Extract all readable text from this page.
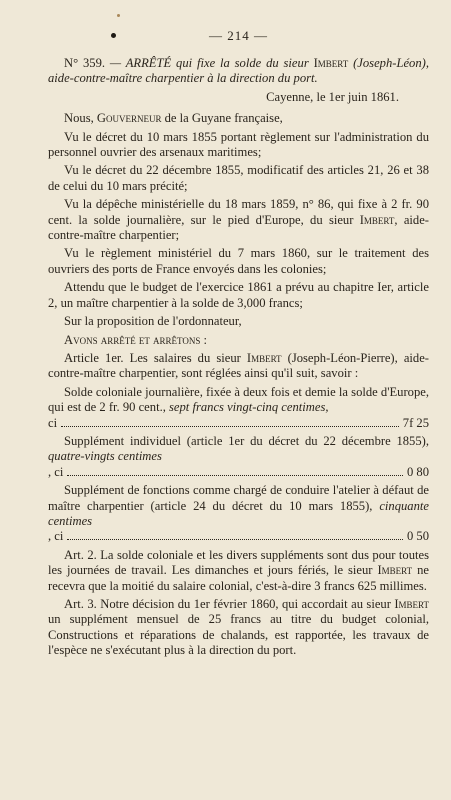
— 214 —

N° 359. — ARRÊTÉ qui fixe la solde du sieur Imbert (Joseph-Léon), aide-contre-maître charpentier à la direction du port.

Cayenne, le 1er juin 1861.

Nous, Gouverneur de la Guyane française,

Vu le décret du 10 mars 1855 portant règlement sur l'administration du personnel ouvrier des arsenaux maritimes;

Vu le décret du 22 décembre 1855, modificatif des articles 21, 26 et 38 de celui du 10 mars précité;

Vu la dépêche ministérielle du 18 mars 1859, n° 86, qui fixe à 2 fr. 90 cent. la solde journalière, sur le pied d'Europe, du sieur Imbert, aide-contre-maître charpentier;

Vu le règlement ministériel du 7 mars 1860, sur le traitement des ouvriers des ports de France envoyés dans les colonies;

Attendu que le budget de l'exercice 1861 a prévu au chapitre Ier, article 2, un maître charpentier à la solde de 3,000 francs;

Sur la proposition de l'ordonnateur,

Avons arrêté et arrêtons :

Article 1er. Les salaires du sieur Imbert (Joseph-Léon-Pierre), aide-contre-maître charpentier, sont réglées ainsi qu'il suit, savoir :

Solde coloniale journalière, fixée à deux fois et demie la solde d'Europe, qui est de 2 fr. 90 cent., sept francs vingt-cinq centimes,

ci	7f 25

Supplément individuel (article 1er du décret du 22 décembre 1855), quatre-vingts centimes

, ci	0 80

Supplément de fonctions comme chargé de conduire l'atelier à défaut de maître charpentier (article 24 du décret du 10 mars 1855), cinquante centimes

, ci	0 50

Art. 2. La solde coloniale et les divers suppléments sont dus pour toutes les journées de travail. Les dimanches et jours fériés, le sieur Imbert ne recevra que la moitié du salaire colonial, c'est-à-dire 3 francs 625 millimes.

Art. 3. Notre décision du 1er février 1860, qui accordait au sieur Imbert un supplément mensuel de 25 francs au titre du budget colonial, Constructions et réparations de chalands, est rapportée, les travaux de l'espèce ne s'exécutant plus à la direction du port.
